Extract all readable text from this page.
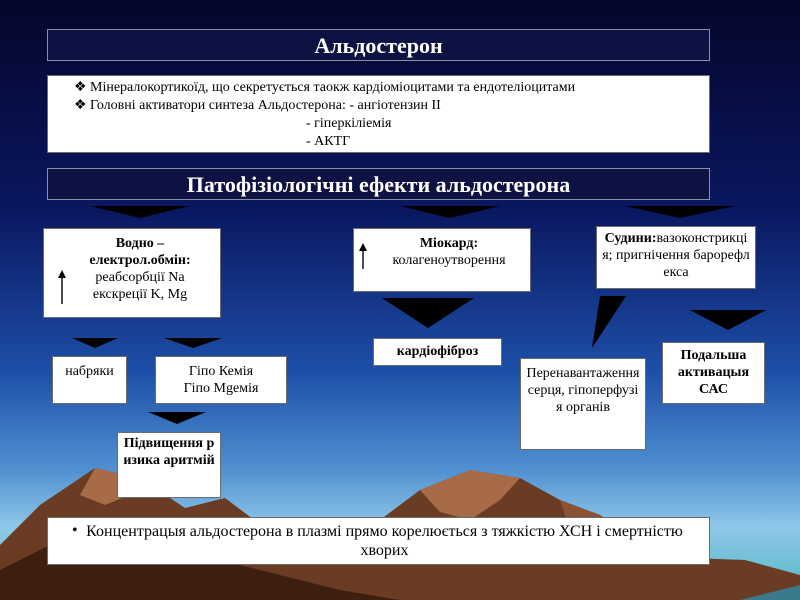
Альдостерон
❖ Мінералокортикоїд, що секретується таокж кардіоміоцитами та ендотеліоцитами
❖ Головні активатори синтеза Альдостерона: - ангіотензин ІІ
- гіперкіліемія
- АКТГ
Патофізіологічні ефекти альдостерона
Водно – електрол.обмін:
реабсорбції Na
екскреції K, Mg
набряки	Гіпо Кемія
Гіпо Mgемія
Підвищення ризика аритмій
Міокард:
колагеноутворення
кардіофіброз
Судини:вазоконстрикція; пригнічення барорефлекса
Перенавантаження серця, гіпоперфузія органів
Подальша активацыя САС
• Концентрацыя альдостерона в плазмі прямо корелюється з тяжкістю ХСН і смертністю хворих
